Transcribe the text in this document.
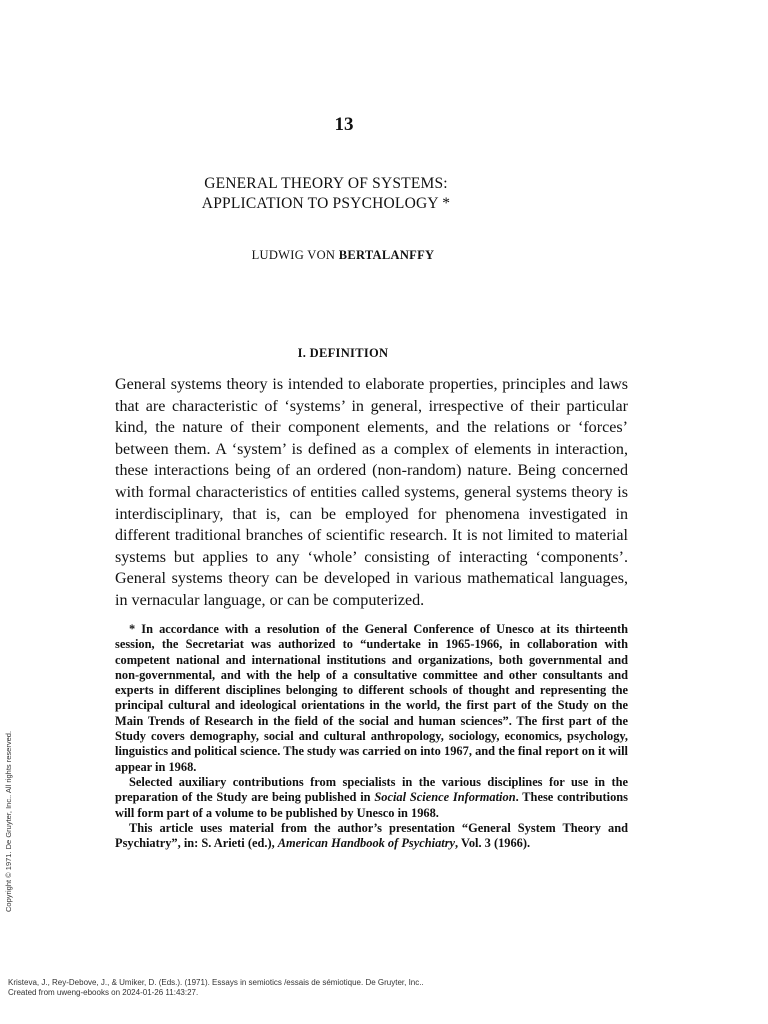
13
GENERAL THEORY OF SYSTEMS:
APPLICATION TO PSYCHOLOGY *
LUDWIG VON BERTALANFFY
I. DEFINITION

General systems theory is intended to elaborate properties, principles and laws that are characteristic of ‘systems’ in general, irrespective of their particular kind, the nature of their component elements, and the relations or ‘forces’ between them. A ‘system’ is defined as a complex of elements in interaction, these interactions being of an ordered (non-random) nature. Being concerned with formal characteristics of entities called systems, general systems theory is interdisciplinary, that is, can be employed for phenomena investigated in different traditional branches of scientific research. It is not limited to material systems but applies to any ‘whole’ consisting of interacting ‘components’. General systems theory can be developed in various mathematical languages, in vernacular language, or can be computerized.

* In accordance with a resolution of the General Conference of Unesco at its thirteenth session, the Secretariat was authorized to “undertake in 1965-1966, in collaboration with competent national and international institutions and organizations, both governmental and non-governmental, and with the help of a consultative committee and other consultants and experts in different disciplines belonging to different schools of thought and representing the principal cultural and ideological orientations in the world, the first part of the Study on the Main Trends of Research in the field of the social and human sciences”. The first part of the Study covers demography, social and cultural anthropology, sociology, economics, psychology, linguistics and political science. The study was carried on into 1967, and the final report on it will appear in 1968.

Selected auxiliary contributions from specialists in the various disciplines for use in the preparation of the Study are being published in Social Science Information. These contributions will form part of a volume to be published by Unesco in 1968.

This article uses material from the author’s presentation “General System Theory and Psychiatry”, in: S. Arieti (ed.), American Handbook of Psychiatry, Vol. 3 (1966).

Copyright © 1971. De Gruyter, Inc.. All rights reserved.
Kristeva, J., Rey-Debove, J., & Umiker, D. (Eds.). (1971). Essays in semiotics /essais de sémiotique. De Gruyter, Inc..
Created from uweng-ebooks on 2024-01-26 11:43:27.
